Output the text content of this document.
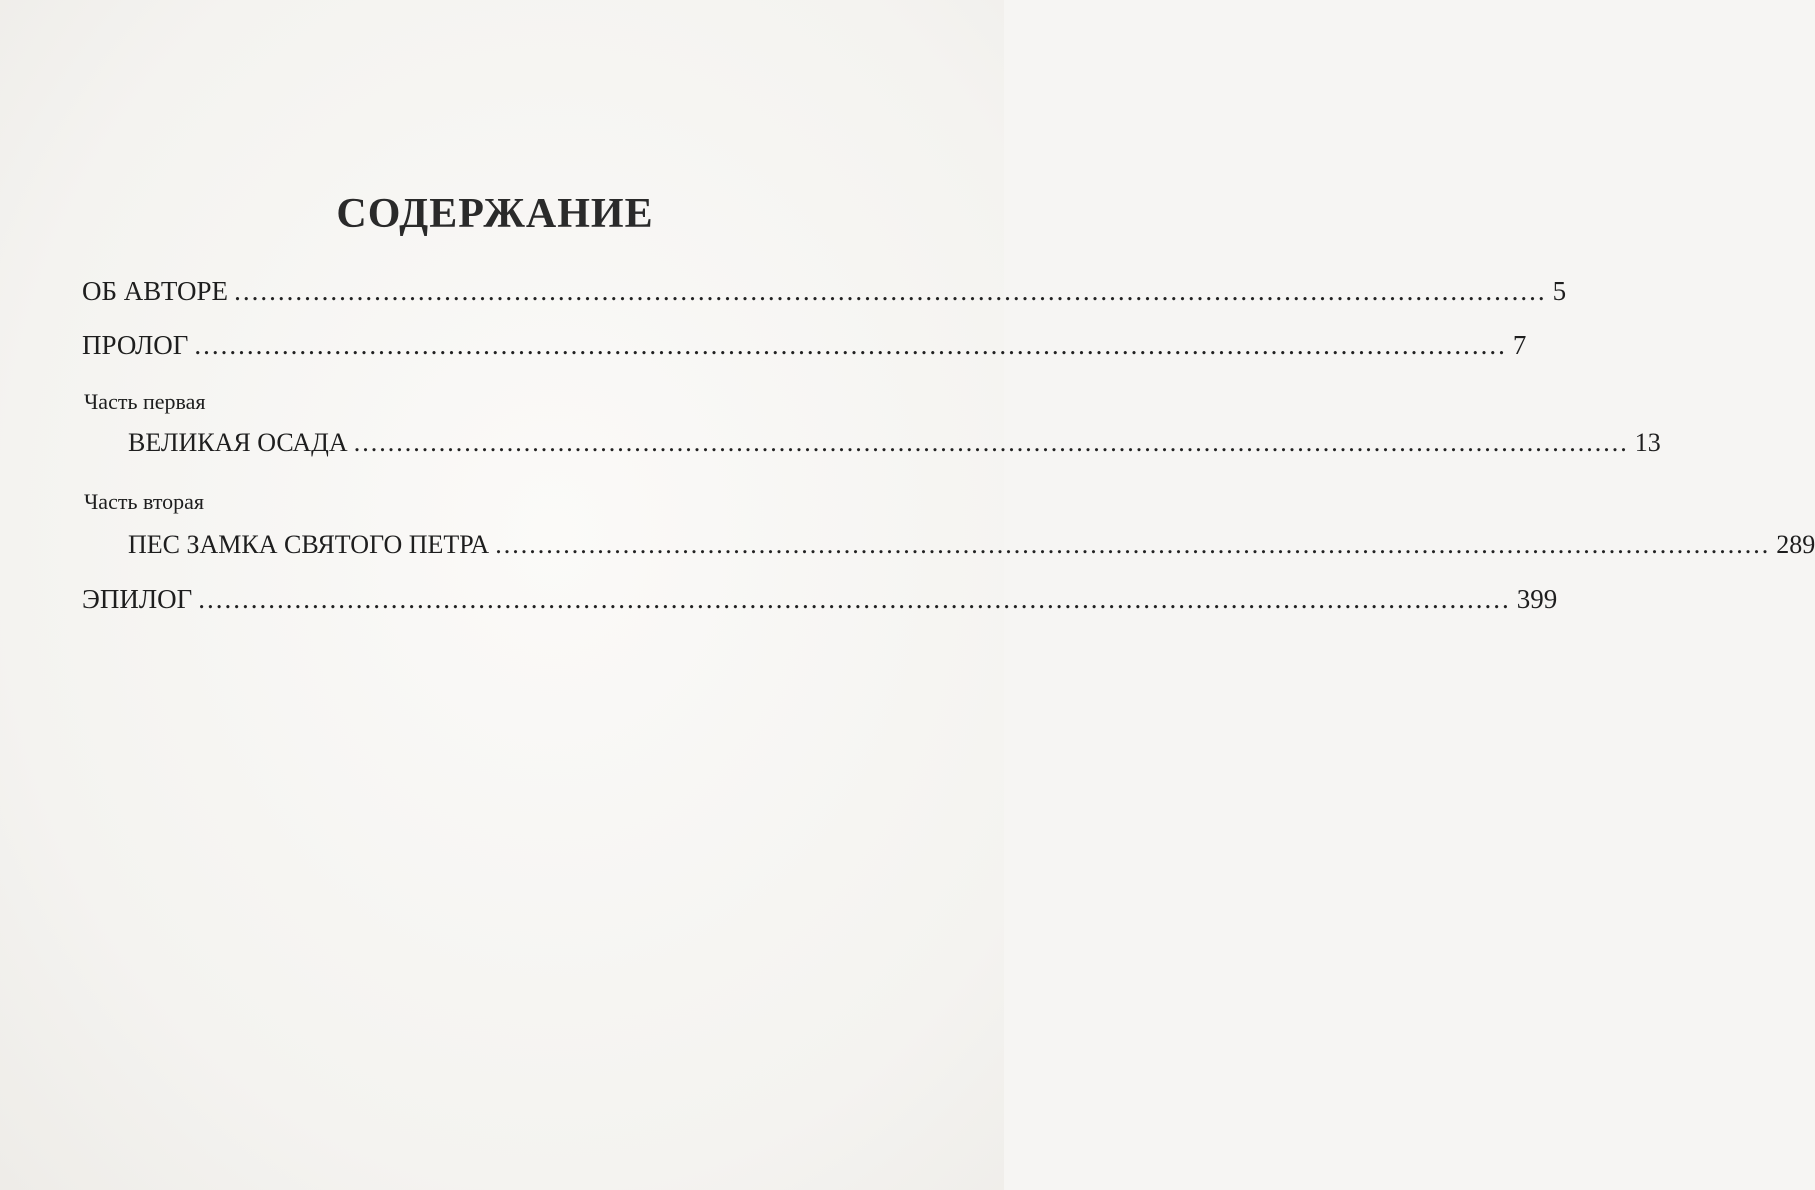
СОДЕРЖАНИЕ
ОБ АВТОРЕ ...................................................................................................................................................... 5
ПРОЛОГ ...................................................................................................................................................... 7
Часть первая
ВЕЛИКАЯ ОСАДА ...................................................................................................................................................... 13
Часть вторая
ПЕС ЗАМКА СВЯТОГО ПЕТРА ...................................................................................................................................................... 289
ЭПИЛОГ ...................................................................................................................................................... 399
